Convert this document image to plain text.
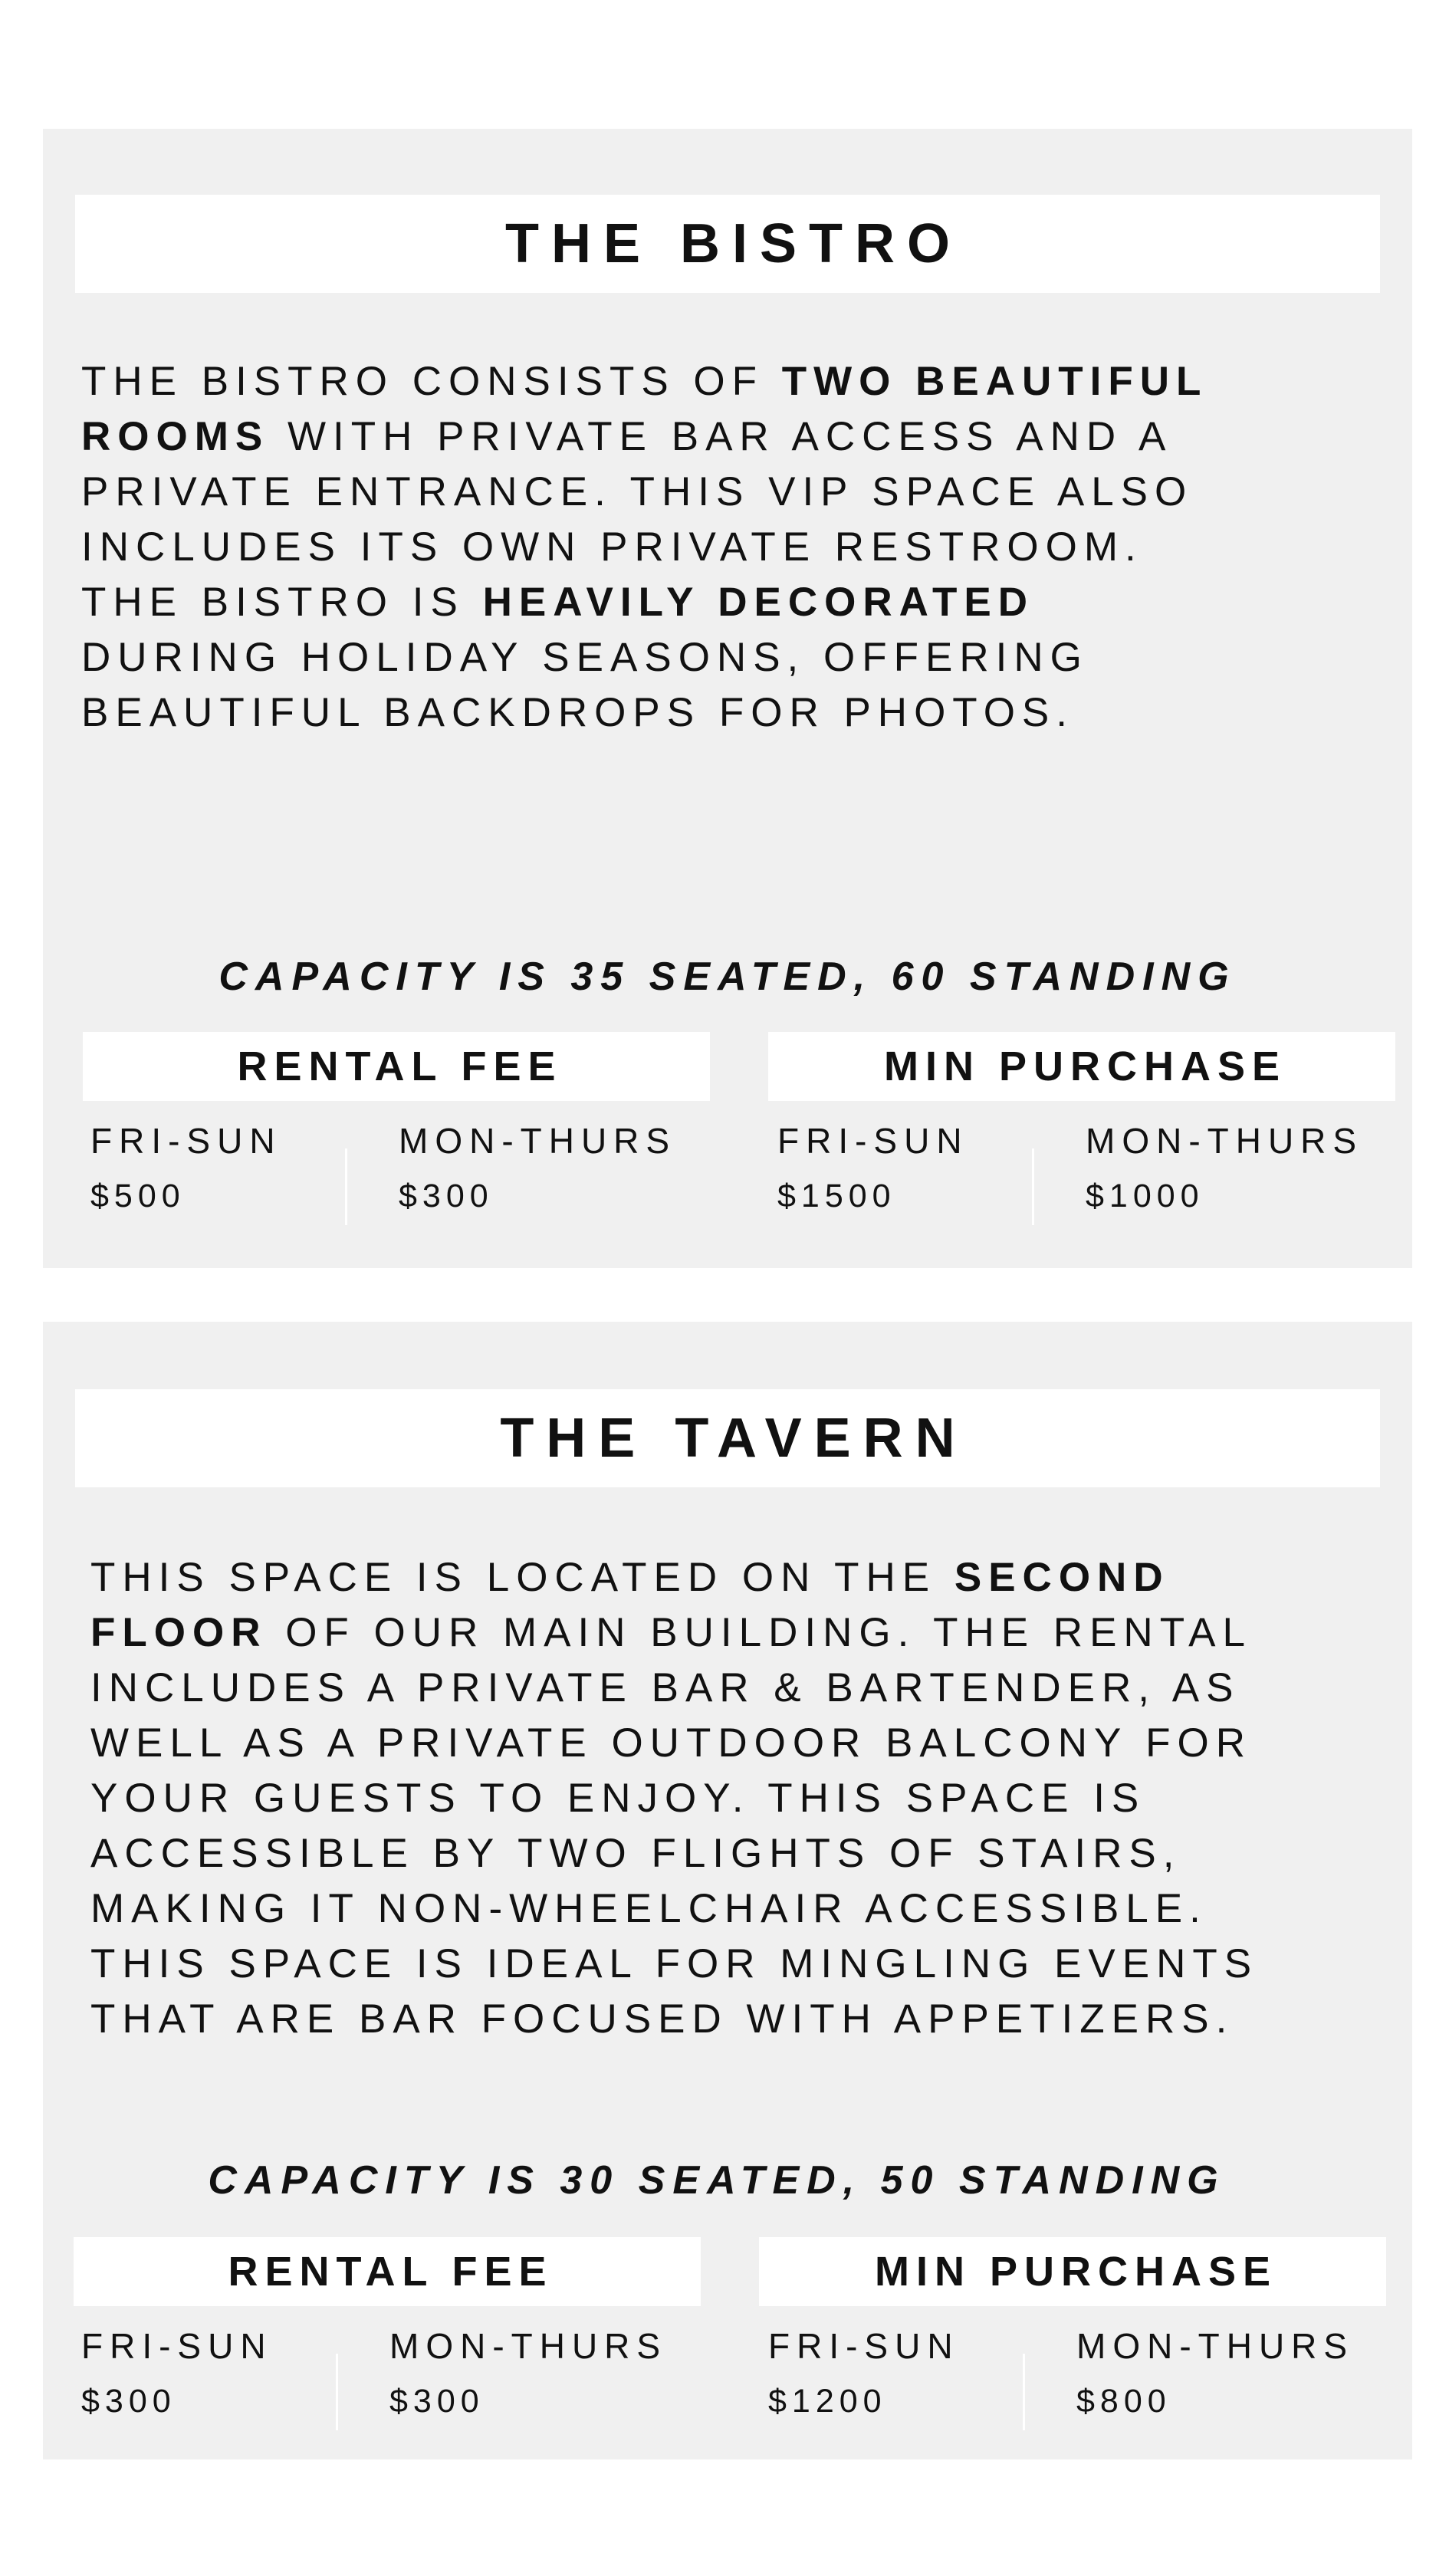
THE BISTRO

THE BISTRO CONSISTS OF TWO BEAUTIFUL
ROOMS WITH PRIVATE BAR ACCESS AND A
PRIVATE ENTRANCE. THIS VIP SPACE ALSO
INCLUDES ITS OWN PRIVATE RESTROOM.
THE BISTRO IS HEAVILY DECORATED
DURING HOLIDAY SEASONS, OFFERING
BEAUTIFUL BACKDROPS FOR PHOTOS.

CAPACITY IS 35 SEATED, 60 STANDING
RENTAL FEE
FRI-SUN
$500
MON-THURS
$300
MIN PURCHASE
FRI-SUN
$1500
MON-THURS
$1000
THE TAVERN

THIS SPACE IS LOCATED ON THE SECOND
FLOOR OF OUR MAIN BUILDING. THE RENTAL
INCLUDES A PRIVATE BAR & BARTENDER, AS
WELL AS A PRIVATE OUTDOOR BALCONY FOR
YOUR GUESTS TO ENJOY. THIS SPACE IS
ACCESSIBLE BY TWO FLIGHTS OF STAIRS,
MAKING IT NON-WHEELCHAIR ACCESSIBLE.
THIS SPACE IS IDEAL FOR MINGLING EVENTS
THAT ARE BAR FOCUSED WITH APPETIZERS.

CAPACITY IS 30 SEATED, 50 STANDING
RENTAL FEE
FRI-SUN
$300
MON-THURS
$300
MIN PURCHASE
FRI-SUN
$1200
MON-THURS
$800
